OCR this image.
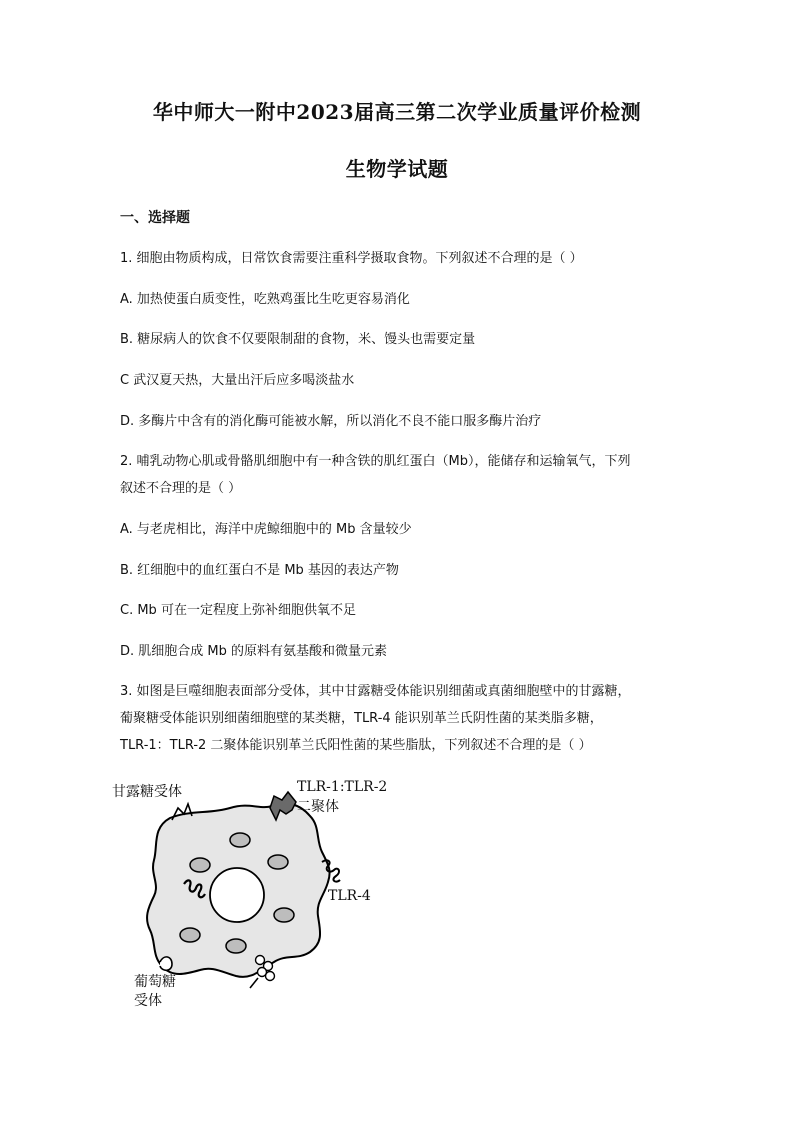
华中师大一附中2023届高三第二次学业质量评价检测
生物学试题
一、选择题
1. 细胞由物质构成，日常饮食需要注重科学摄取食物。下列叙述不合理的是（ ）
A. 加热使蛋白质变性，吃熟鸡蛋比生吃更容易消化
B. 糖尿病人的饮食不仅要限制甜的食物，米、馒头也需要定量
C 武汉夏天热，大量出汗后应多喝淡盐水
D. 多酶片中含有的消化酶可能被水解，所以消化不良不能口服多酶片治疗
2. 哺乳动物心肌或骨骼肌细胞中有一种含铁的肌红蛋白（Mb），能储存和运输氧气，下列
叙述不合理的是（ ）
A. 与老虎相比，海洋中虎鲸细胞中的 Mb 含量较少
B. 红细胞中的血红蛋白不是 Mb 基因的表达产物
C. Mb 可在一定程度上弥补细胞供氧不足
D. 肌细胞合成 Mb 的原料有氨基酸和微量元素
3. 如图是巨噬细胞表面部分受体，其中甘露糖受体能识别细菌或真菌细胞壁中的甘露糖，
葡聚糖受体能识别细菌细胞壁的某类糖，TLR-4 能识别革兰氏阴性菌的某类脂多糖，
TLR-1：TLR-2 二聚体能识别革兰氏阳性菌的某些脂肽，下列叙述不合理的是（ ）
甘露糖受体	TLR-1:TLR-2
二聚体
TLR-4
葡萄糖
受体
